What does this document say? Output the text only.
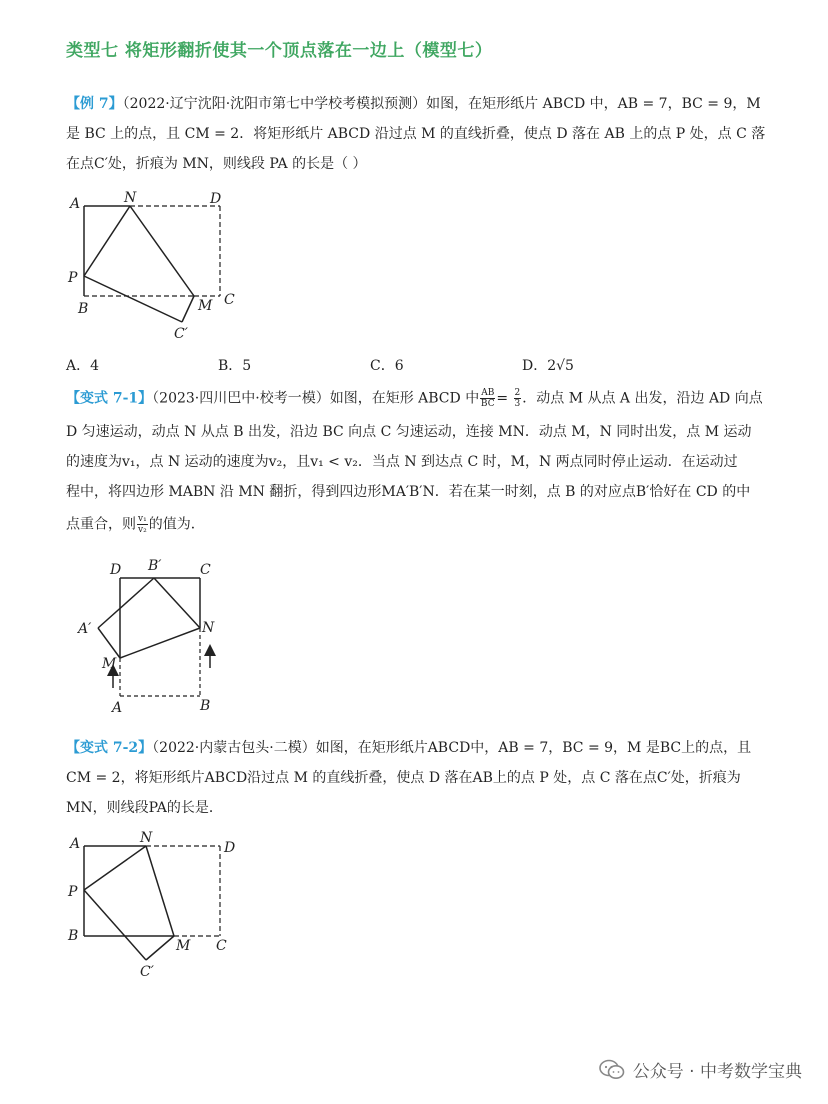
类型七 将矩形翻折使其一个顶点落在一边上（模型七）
【例 7】（2022·辽宁沈阳·沈阳市第七中学校考模拟预测）如图，在矩形纸片 ABCD 中，AB = 7，BC = 9，M
是 BC 上的点，且 CM = 2．将矩形纸片 ABCD 沿过点 M 的直线折叠，使点 D 落在 AB 上的点 P 处，点 C 落
在点C′处，折痕为 MN，则线段 PA 的长是（ ）
A	N	D
P
B	M C
C′
A．4	B．5	C．6	D．2√5
【变式 7-1】（2023·四川巴中·校考一模）如图，在矩形 ABCD 中 $\frac{AB}{BC} = \frac{2}{3}$ ．动点 M 从点 A 出发，沿边 AD 向点
D 匀速运动，动点 N 从点 B 出发，沿边 BC 向点 C 匀速运动，连接 MN．动点 M，N 同时出发，点 M 运动
的速度为v₁，点 N 运动的速度为v₂，且v₁ < v₂．当点 N 到达点 C 时，M，N 两点同时停止运动．在运动过
程中，将四边形 MABN 沿 MN 翻折，得到四边形MA′B′N．若在某一时刻，点 B 的对应点B′恰好在 CD 的中
点重合，则 $\frac{\text{v₁}}{\text{v₂}}$ 的值为．
D B′	C
A′	N
M
A	B
【变式 7-2】（2022·内蒙古包头·二模）如图，在矩形纸片ABCD中，AB = 7，BC = 9，M 是BC上的点，且
CM = 2，将矩形纸片ABCD沿过点 M 的直线折叠，使点 D 落在AB上的点 P 处，点 C 落在点C′处，折痕为
MN，则线段PA的长是．
A	N
D
P
B
M C
C′
公众号 · 中考数学宝典
